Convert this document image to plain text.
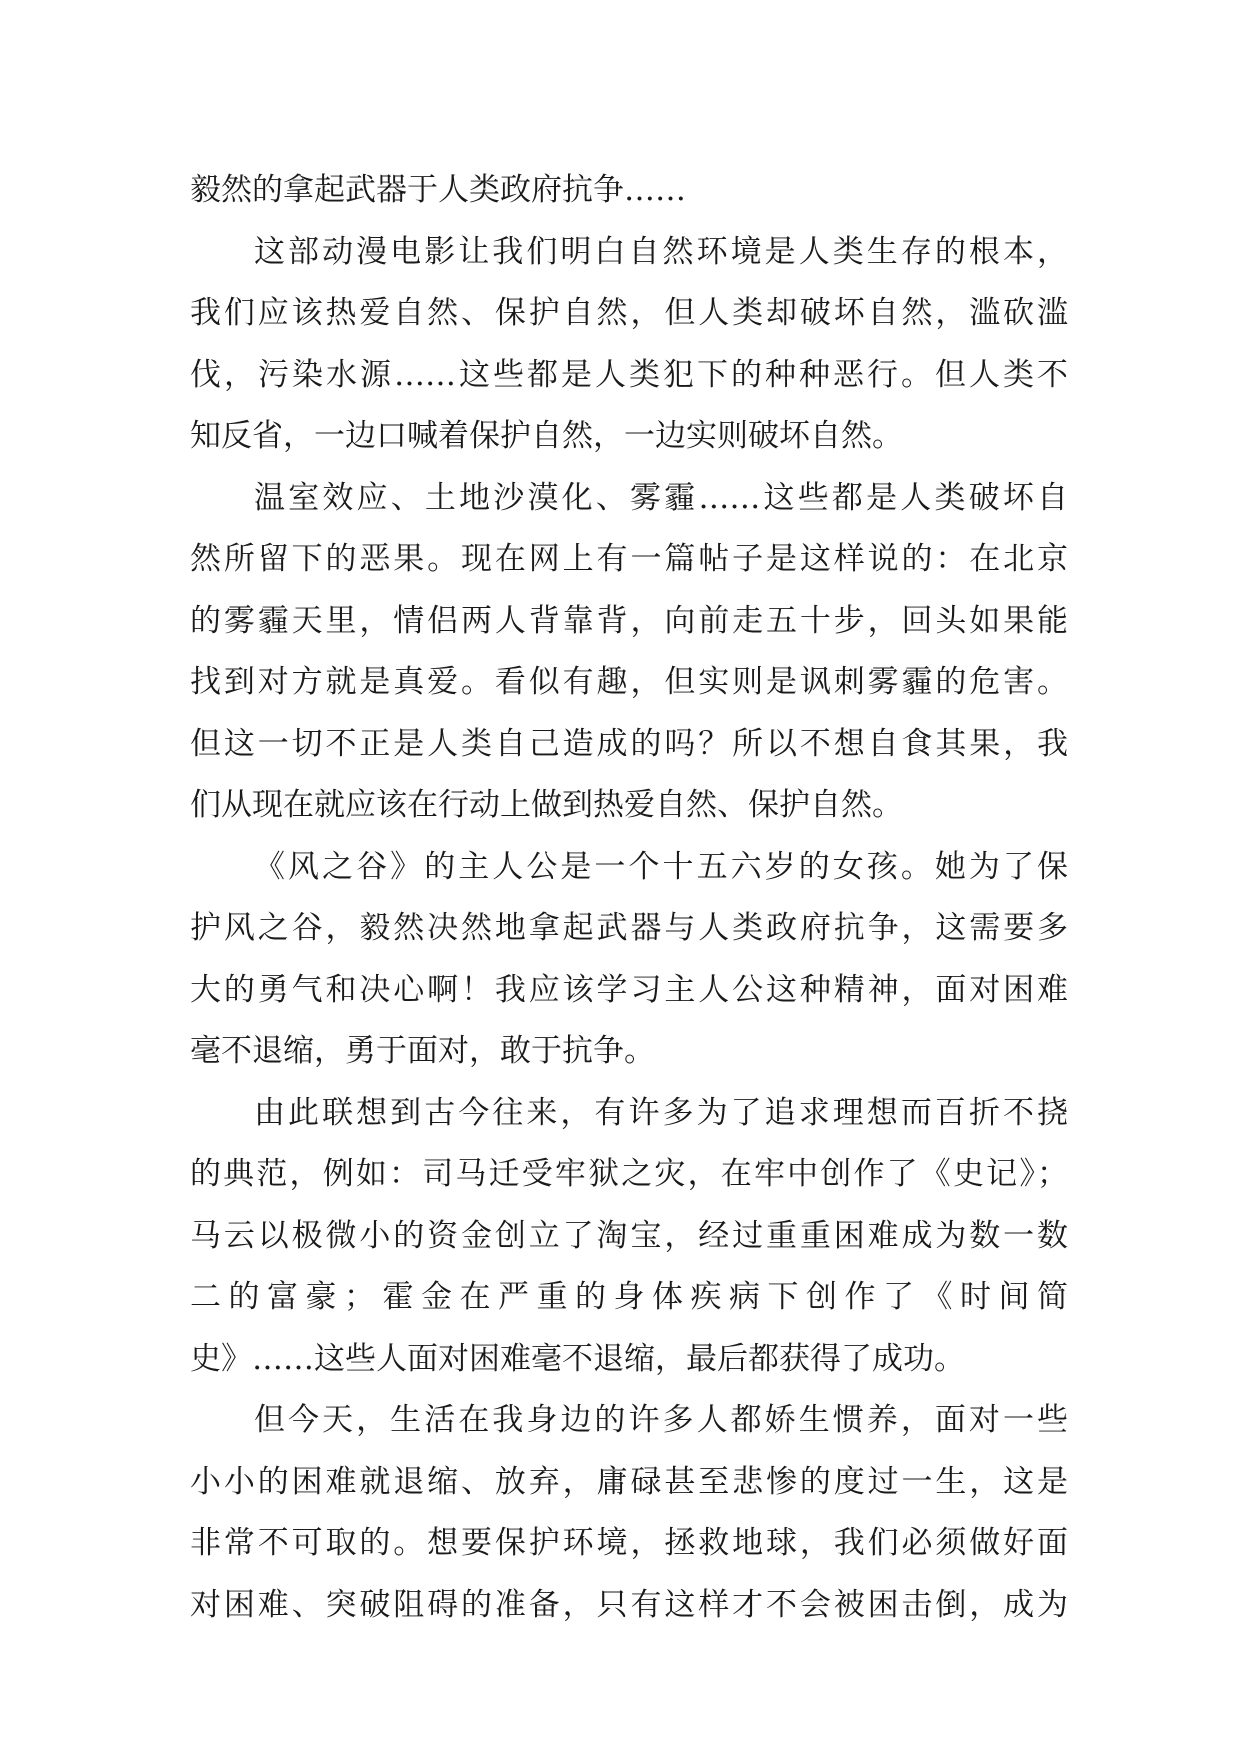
毅然的拿起武器于人类政府抗争……
这部动漫电影让我们明白自然环境是人类生存的根本，
我们应该热爱自然、保护自然，但人类却破坏自然，滥砍滥
伐，污染水源……这些都是人类犯下的种种恶行。但人类不
知反省，一边口喊着保护自然，一边实则破坏自然。
温室效应、土地沙漠化、雾霾……这些都是人类破坏自
然所留下的恶果。现在网上有一篇帖子是这样说的：在北京
的雾霾天里，情侣两人背靠背，向前走五十步，回头如果能
找到对方就是真爱。看似有趣，但实则是讽刺雾霾的危害。
但这一切不正是人类自己造成的吗？所以不想自食其果，我
们从现在就应该在行动上做到热爱自然、保护自然。
《风之谷》的主人公是一个十五六岁的女孩。她为了保
护风之谷，毅然决然地拿起武器与人类政府抗争，这需要多
大的勇气和决心啊！我应该学习主人公这种精神，面对困难
毫不退缩，勇于面对，敢于抗争。
由此联想到古今往来，有许多为了追求理想而百折不挠
的典范，例如：司马迁受牢狱之灾，在牢中创作了《史记》；
马云以极微小的资金创立了淘宝，经过重重困难成为数一数
二的富豪；霍金在严重的身体疾病下创作了《时间简
史》……这些人面对困难毫不退缩，最后都获得了成功。
但今天，生活在我身边的许多人都娇生惯养，面对一些
小小的困难就退缩、放弃，庸碌甚至悲惨的度过一生，这是
非常不可取的。想要保护环境，拯救地球，我们必须做好面
对困难、突破阻碍的准备，只有这样才不会被困击倒，成为
